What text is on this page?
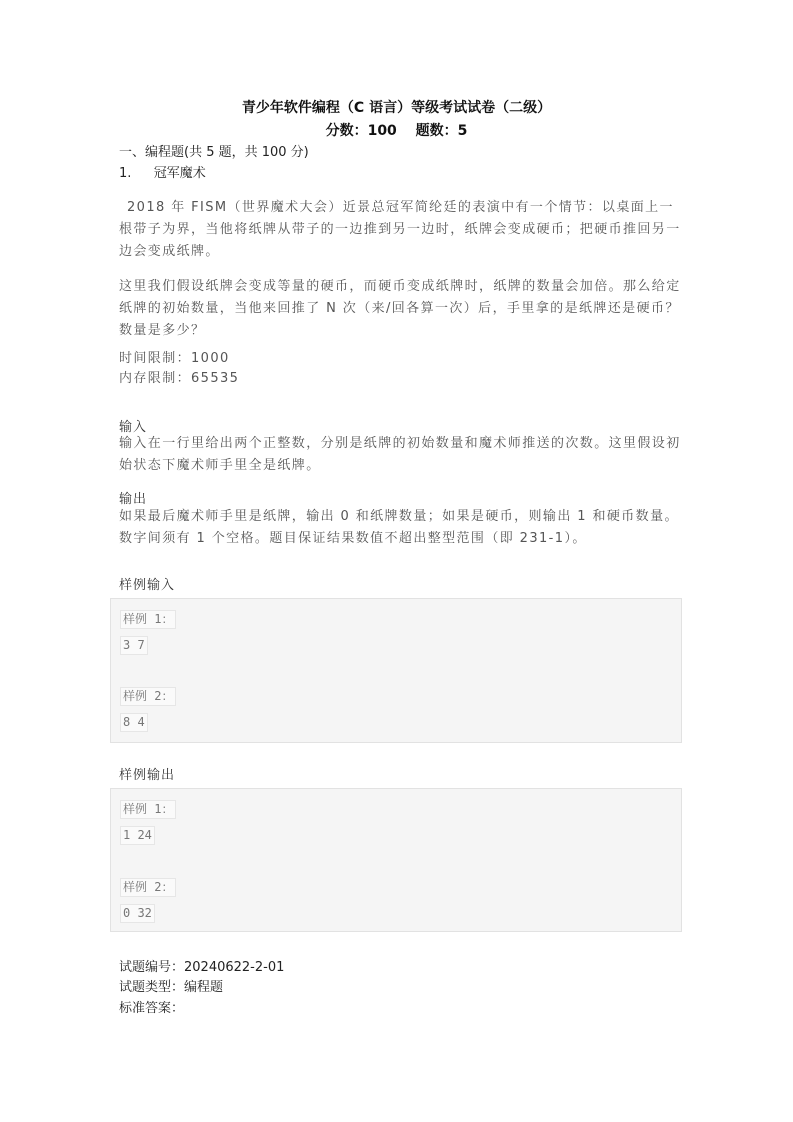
青少年软件编程（C 语言）等级考试试卷（二级）
分数：100　 题数：5
一、编程题(共 5 题，共 100 分)
1. 冠军魔术
2018 年 FISM（世界魔术大会）近景总冠军简纶廷的表演中有一个情节：以桌面上一根带子为界，当他将纸牌从带子的一边推到另一边时，纸牌会变成硬币；把硬币推回另一边会变成纸牌。
这里我们假设纸牌会变成等量的硬币，而硬币变成纸牌时，纸牌的数量会加倍。那么给定纸牌的初始数量，当他来回推了 N 次（来/回各算一次）后，手里拿的是纸牌还是硬币？数量是多少？
时间限制：1000
内存限制：65535
输入
输入在一行里给出两个正整数，分别是纸牌的初始数量和魔术师推送的次数。这里假设初始状态下魔术师手里全是纸牌。
输出
如果最后魔术师手里是纸牌，输出 0 和纸牌数量；如果是硬币，则输出 1 和硬币数量。数字间须有 1 个空格。题目保证结果数值不超出整型范围（即 231-1）。
样例输入
样例 1：
3 7
样例 2：
8 4
样例输出
样例 1：
1 24
样例 2：
0 32
试题编号：20240622-2-01
试题类型：编程题
标准答案：
